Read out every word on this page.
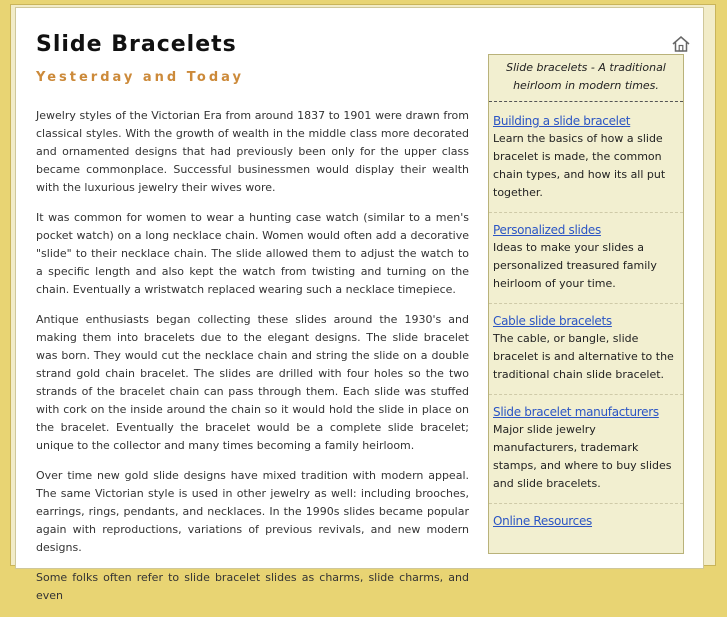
Slide Bracelets
Yesterday and Today

Jewelry styles of the Victorian Era from around 1837 to 1901 were drawn from classical styles. With the growth of wealth in the middle class more decorated and ornamented designs that had previously been only for the upper class became commonplace. Successful businessmen would display their wealth with the luxurious jewelry their wives wore.

It was common for women to wear a hunting case watch (similar to a men's pocket watch) on a long necklace chain. Women would often add a decorative "slide" to their necklace chain. The slide allowed them to adjust the watch to a specific length and also kept the watch from twisting and turning on the chain. Eventually a wristwatch replaced wearing such a necklace timepiece.

Antique enthusiasts began collecting these slides around the 1930's and making them into bracelets due to the elegant designs. The slide bracelet was born. They would cut the necklace chain and string the slide on a double strand gold chain bracelet. The slides are drilled with four holes so the two strands of the bracelet chain can pass through them. Each slide was stuffed with cork on the inside around the chain so it would hold the slide in place on the bracelet. Eventually the bracelet would be a complete slide bracelet; unique to the collector and many times becoming a family heirloom.

Over time new gold slide designs have mixed tradition with modern appeal. The same Victorian style is used in other jewelry as well: including brooches, earrings, rings, pendants, and necklaces. In the 1990s slides became popular again with reproductions, variations of previous revivals, and new modern designs.

Some folks often refer to slide bracelet slides as charms, slide charms, and even

Slide bracelets - A traditional heirloom in modern times.

Building a slide bracelet
Learn the basics of how a slide bracelet is made, the common chain types, and how its all put together.
Personalized slides
Ideas to make your slides a personalized treasured family heirloom of your time.
Cable slide bracelets
The cable, or bangle, slide bracelet is and alternative to the traditional chain slide bracelet.
Slide bracelet manufacturers
Major slide jewelry manufacturers, trademark stamps, and where to buy slides and slide bracelets.
Online Resources
